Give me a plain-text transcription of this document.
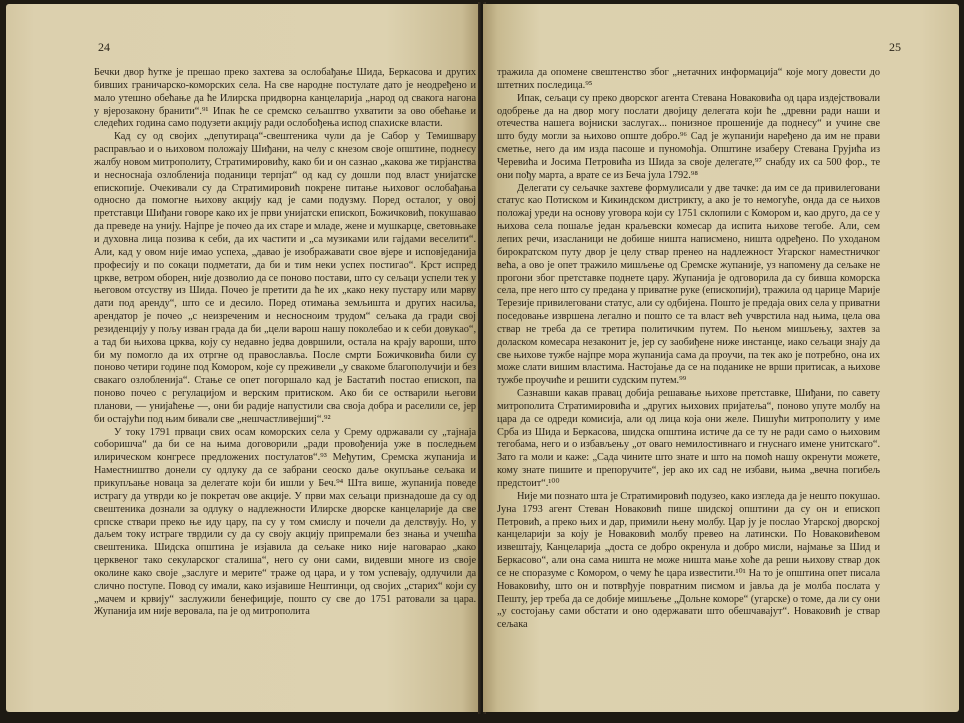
24

Бечки двор ћутке је прешао преко захтева за ослобађање Шида, Беркасова и других бивших граничарско-коморских села. На све народне постулате дато је неодређено и мало утешно обећање да ће Илирска придворна канцеларија „народ од свакога нагона у вјерозакону бранити“.⁹¹ Ипак ће се сремско сељаштво ухватити за ово обећање и следећих година само подузети акцију ради ослобођења испод спахиске власти.

Кад су од својих „депутираца“-свештеника чули да је Сабор у Темишвару расправљао и о њиховом положају Шиђани, на челу с кнезом своје општине, поднесу жалбу новом митрополиту, Стратимировићу, како би и он сазнао „какова же тирјанства и несноснаја озлобленија поданици терпјат“ од кад су дошли под власт унијатске епископије. Очекивали су да Стратимировић покрене питање њиховог ослобађања односно да помогне њихову акцију кад је сами подузму. Поред осталог, у овој претставци Шиђани говоре како их је први унијатски епископ, Божичковић, покушавао да преведе на унију. Најпре је почео да их старе и младе, жене и мушкарце, световњаке и духовна лица позива к себи, да их частити и „са музиками или гајдами веселити“. Али, кад у овом није имао успеха, „давао је изображавати свое вјере и исповједанија професију и по сокаци подметати, да би и тим неки успех постигао“. Крст испред цркве, ветром оборен, није дозволио да се поново постави, што су сељаци успели тек у његовом отсуству из Шида. Почео је претити да ће их „како неку пустару или марву дати под аренду“, што се и десило. Поред отимања земљишта и других насиља, арендатор је почео „с неизреченим и несносноим трудом“ сељака да гради свој резиденцију у пољу изван града да би „цели варош нашу поколебао и к себи довукао“, а тад би њихова црква, коју су недавно једва довршили, остала на крају вароши, што би му помогло да их отргне од православља. После смрти Божичковића били су поново четири године под Комором, које су преживели „у свакоме благополучији и без свакаго озлобленија“. Стање се опет погоршало кад је Бастатић постао епископ, па поново почео с регулацијом и верским притиском. Ако би се остварили његови планови, — унијаћење —, они би радије напустили сва своја добра и раселили се, јер би остајући под њим бивали све „нешчастливејшиј“.⁹²

У току 1791 прваци свих осам коморских села у Срему одржавали су „тајнаја соборишча“ да би се на њима договорили „ради провођенија уже в последњем илирическом конгресе предложених постулатов“.⁹³ Међутим, Сремска жупанија и Наместништво донели су одлуку да се забрани сеоско даље окупљање сељака и прикупљање новаца за делегате који би ишли у Беч.⁹⁴ Шта више, жупанија поведе истрагу да утврди ко је покретач ове акције. У први мах сељаци признадоше да су од свештеника дознали за одлуку о надлежности Илирске дворске канцеларије да све српске ствари преко ње иду цару, па су у том смислу и почели да делствују. Но, у даљем току истраге тврдили су да су своју акцију припремали без знања и учешћа свештеника. Шидска општина је изјавила да сељаке нико није наговарао „како церквеног тако секуларског сталиша“, него су они сами, видевши многе из своје околине како своје „заслуге и мерите“ траже од цара, и у том успевају, одлучили да слично поступе. Повод су имали, како изјавише Нештинци, од својих „старих“ који су „мачем и крвију“ заслужили бенефиције, пошто су све до 1751 ратовали за цара. Жупанија им није веровала, па је од митрополита

25

тражила да опомене свештенство због „нетачних информација“ које могу довести до штетних последица.⁹⁵

Ипак, сељаци су преко дворског агента Стевана Новаковића од цара издејствовали одобрење да на двор могу послати двојицу делегата који ће „древни ради наши и отечества нашега војниски заслугах... понизное прошеније да поднесу“ и учине све што буду могли за њихово опште добро.⁹⁶ Сад је жупанији наређено да им не прави сметње, него да им изда пасоше и пуномоћја. Општине изаберу Стевана Грујића из Черевића и Јосима Петровића из Шида за своје делегате,⁹⁷ снабду их са 500 фор., те они пођу марта, а врате се из Беча јула 1792.⁹⁸

Делегати су сељачке захтеве формулисали у две тачке: да им се да привилеговани статус као Потиском и Кикиндском дистрикту, а ако је то немогуће, онда да се њихов положај уреди на основу уговора који су 1751 склопили с Комором и, као друго, да се у њихова села пошаље један краљевски комесар да испита њихове тегобе. Али, сем лепих речи, изасланици не добише ништа написмено, ништа одређено. По уходаном бирократском путу двор је целу ствар пренео на надлежност Угарског наместничког већа, а ово је опет тражило мишљење од Сремске жупаније, уз напомену да сељаке не прогони због претставке поднете цару. Жупанија је одговорила да су бивша коморска села, пре него што су предана у приватне руке (епископији), тражила од царице Марије Терезије привилеговани статус, али су одбијена. Пошто је предаја ових села у приватни поседовање извршена легално и пошто се та власт већ учврстила над њима, цела ова ствар не треба да се третира политичким путем. По њеном мишљењу, захтев за доласком комесара незаконит је, јер су заобиђене ниже инстанце, иако сељаци знају да све њихове тужбе најпре мора жупанија сама да проучи, па тек ако је потребно, она их може слати вишим властима. Настојање да се на поданике не врши притисак, а њихове тужбе проучиће и решити судским путем.⁹⁹

Сазнавши какав правац добија решавање њихове претставке, Шиђани, по савету митрополита Стратимировића и „других њихових пријатеља“, поново упуте молбу на цара да се одреди комисија, али од лица која они желе. Пишући митрополиту у име Срба из Шида и Беркасова, шидска општина истиче да се ту не ради само о њиховим тегобама, него и о избављењу „от оваго немилостивнаго и гнуснаго имене унитскаго“. Зато га моли и каже: „Сада чините што знате и што на помоћ нашу окренути можете, кому знате пишите и препоручите“, јер ако их сад не избави, њима „вечна погибељ предстоит“.¹⁰⁰

Није ми познато шта је Стратимировић подузео, како изгледа да је нешто покушао. Јуна 1793 агент Стеван Новаковић пише шидској општини да су он и епископ Петровић, а преко њих и дар, примили њену молбу. Цар ју је послао Угарској дворској канцеларији за коју је Новаковић молбу превео на латински. По Новаковићевом извештају, Канцеларија „доста се добро окренула и добро мисли, најмање за Шид и Беркасово“, али она сама ништа не може ништа мање хоће да реши њихову ствар док се не споразуме с Комором, о чему ће цара известити.¹⁰¹ На то је општина опет писала Новаковићу, што он и потврђује повратним писмом и јавља да је молба послата у Пешту, јер треба да се добије мишљење „Дольне коморе“ (угарске) о томе, да ли су они „у состојању сами обстати и оно одержавати што обешчавајут“. Новаковић је ствар сељака
